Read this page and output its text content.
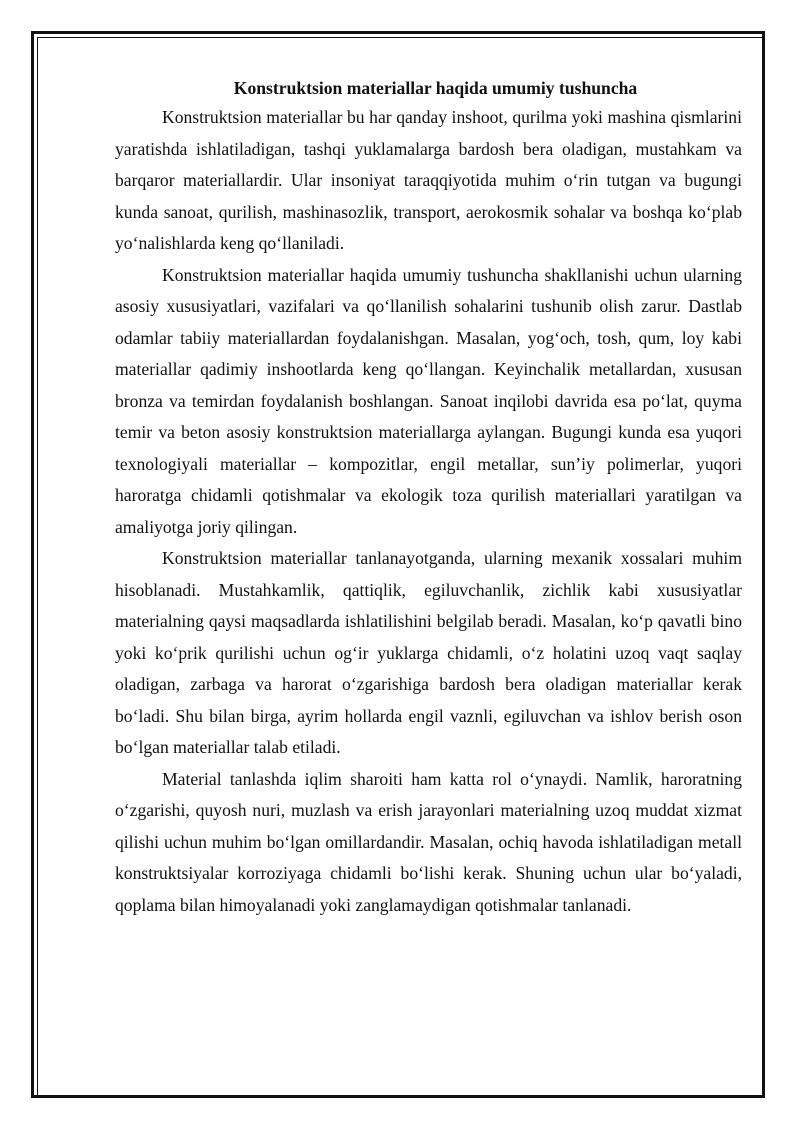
Konstruktsion materiallar haqida umumiy tushuncha

Konstruktsion materiallar bu har qanday inshoot, qurilma yoki mashina qismlarini yaratishda ishlatiladigan, tashqi yuklamalarga bardosh bera oladigan, mustahkam va barqaror materiallardir. Ular insoniyat taraqqiyotida muhim o‘rin tutgan va bugungi kunda sanoat, qurilish, mashinasozlik, transport, aerokosmik sohalar va boshqa ko‘plab yo‘nalishlarda keng qo‘llaniladi.

Konstruktsion materiallar haqida umumiy tushuncha shakllanishi uchun ularning asosiy xususiyatlari, vazifalari va qo‘llanilish sohalarini tushunib olish zarur. Dastlab odamlar tabiiy materiallardan foydalanishgan. Masalan, yog‘och, tosh, qum, loy kabi materiallar qadimiy inshootlarda keng qo‘llangan. Keyinchalik metallardan, xususan bronza va temirdan foydalanish boshlangan. Sanoat inqilobi davrida esa po‘lat, quyma temir va beton asosiy konstruktsion materiallarga aylangan. Bugungi kunda esa yuqori texnologiyali materiallar – kompozitlar, engil metallar, sun’iy polimerlar, yuqori haroratga chidamli qotishmalar va ekologik toza qurilish materiallari yaratilgan va amaliyotga joriy qilingan.

Konstruktsion materiallar tanlanayotganda, ularning mexanik xossalari muhim hisoblanadi. Mustahkamlik, qattiqlik, egiluvchanlik, zichlik kabi xususiyatlar materialning qaysi maqsadlarda ishlatilishini belgilab beradi. Masalan, ko‘p qavatli bino yoki ko‘prik qurilishi uchun og‘ir yuklarga chidamli, o‘z holatini uzoq vaqt saqlay oladigan, zarbaga va harorat o‘zgarishiga bardosh bera oladigan materiallar kerak bo‘ladi. Shu bilan birga, ayrim hollarda engil vaznli, egiluvchan va ishlov berish oson bo‘lgan materiallar talab etiladi.

Material tanlashda iqlim sharoiti ham katta rol o‘ynaydi. Namlik, haroratning o‘zgarishi, quyosh nuri, muzlash va erish jarayonlari materialning uzoq muddat xizmat qilishi uchun muhim bo‘lgan omillardandir. Masalan, ochiq havoda ishlatiladigan metall konstruktsiyalar korroziyaga chidamli bo‘lishi kerak. Shuning uchun ular bo‘yaladi, qoplama bilan himoyalanadi yoki zanglamaydigan qotishmalar tanlanadi.
